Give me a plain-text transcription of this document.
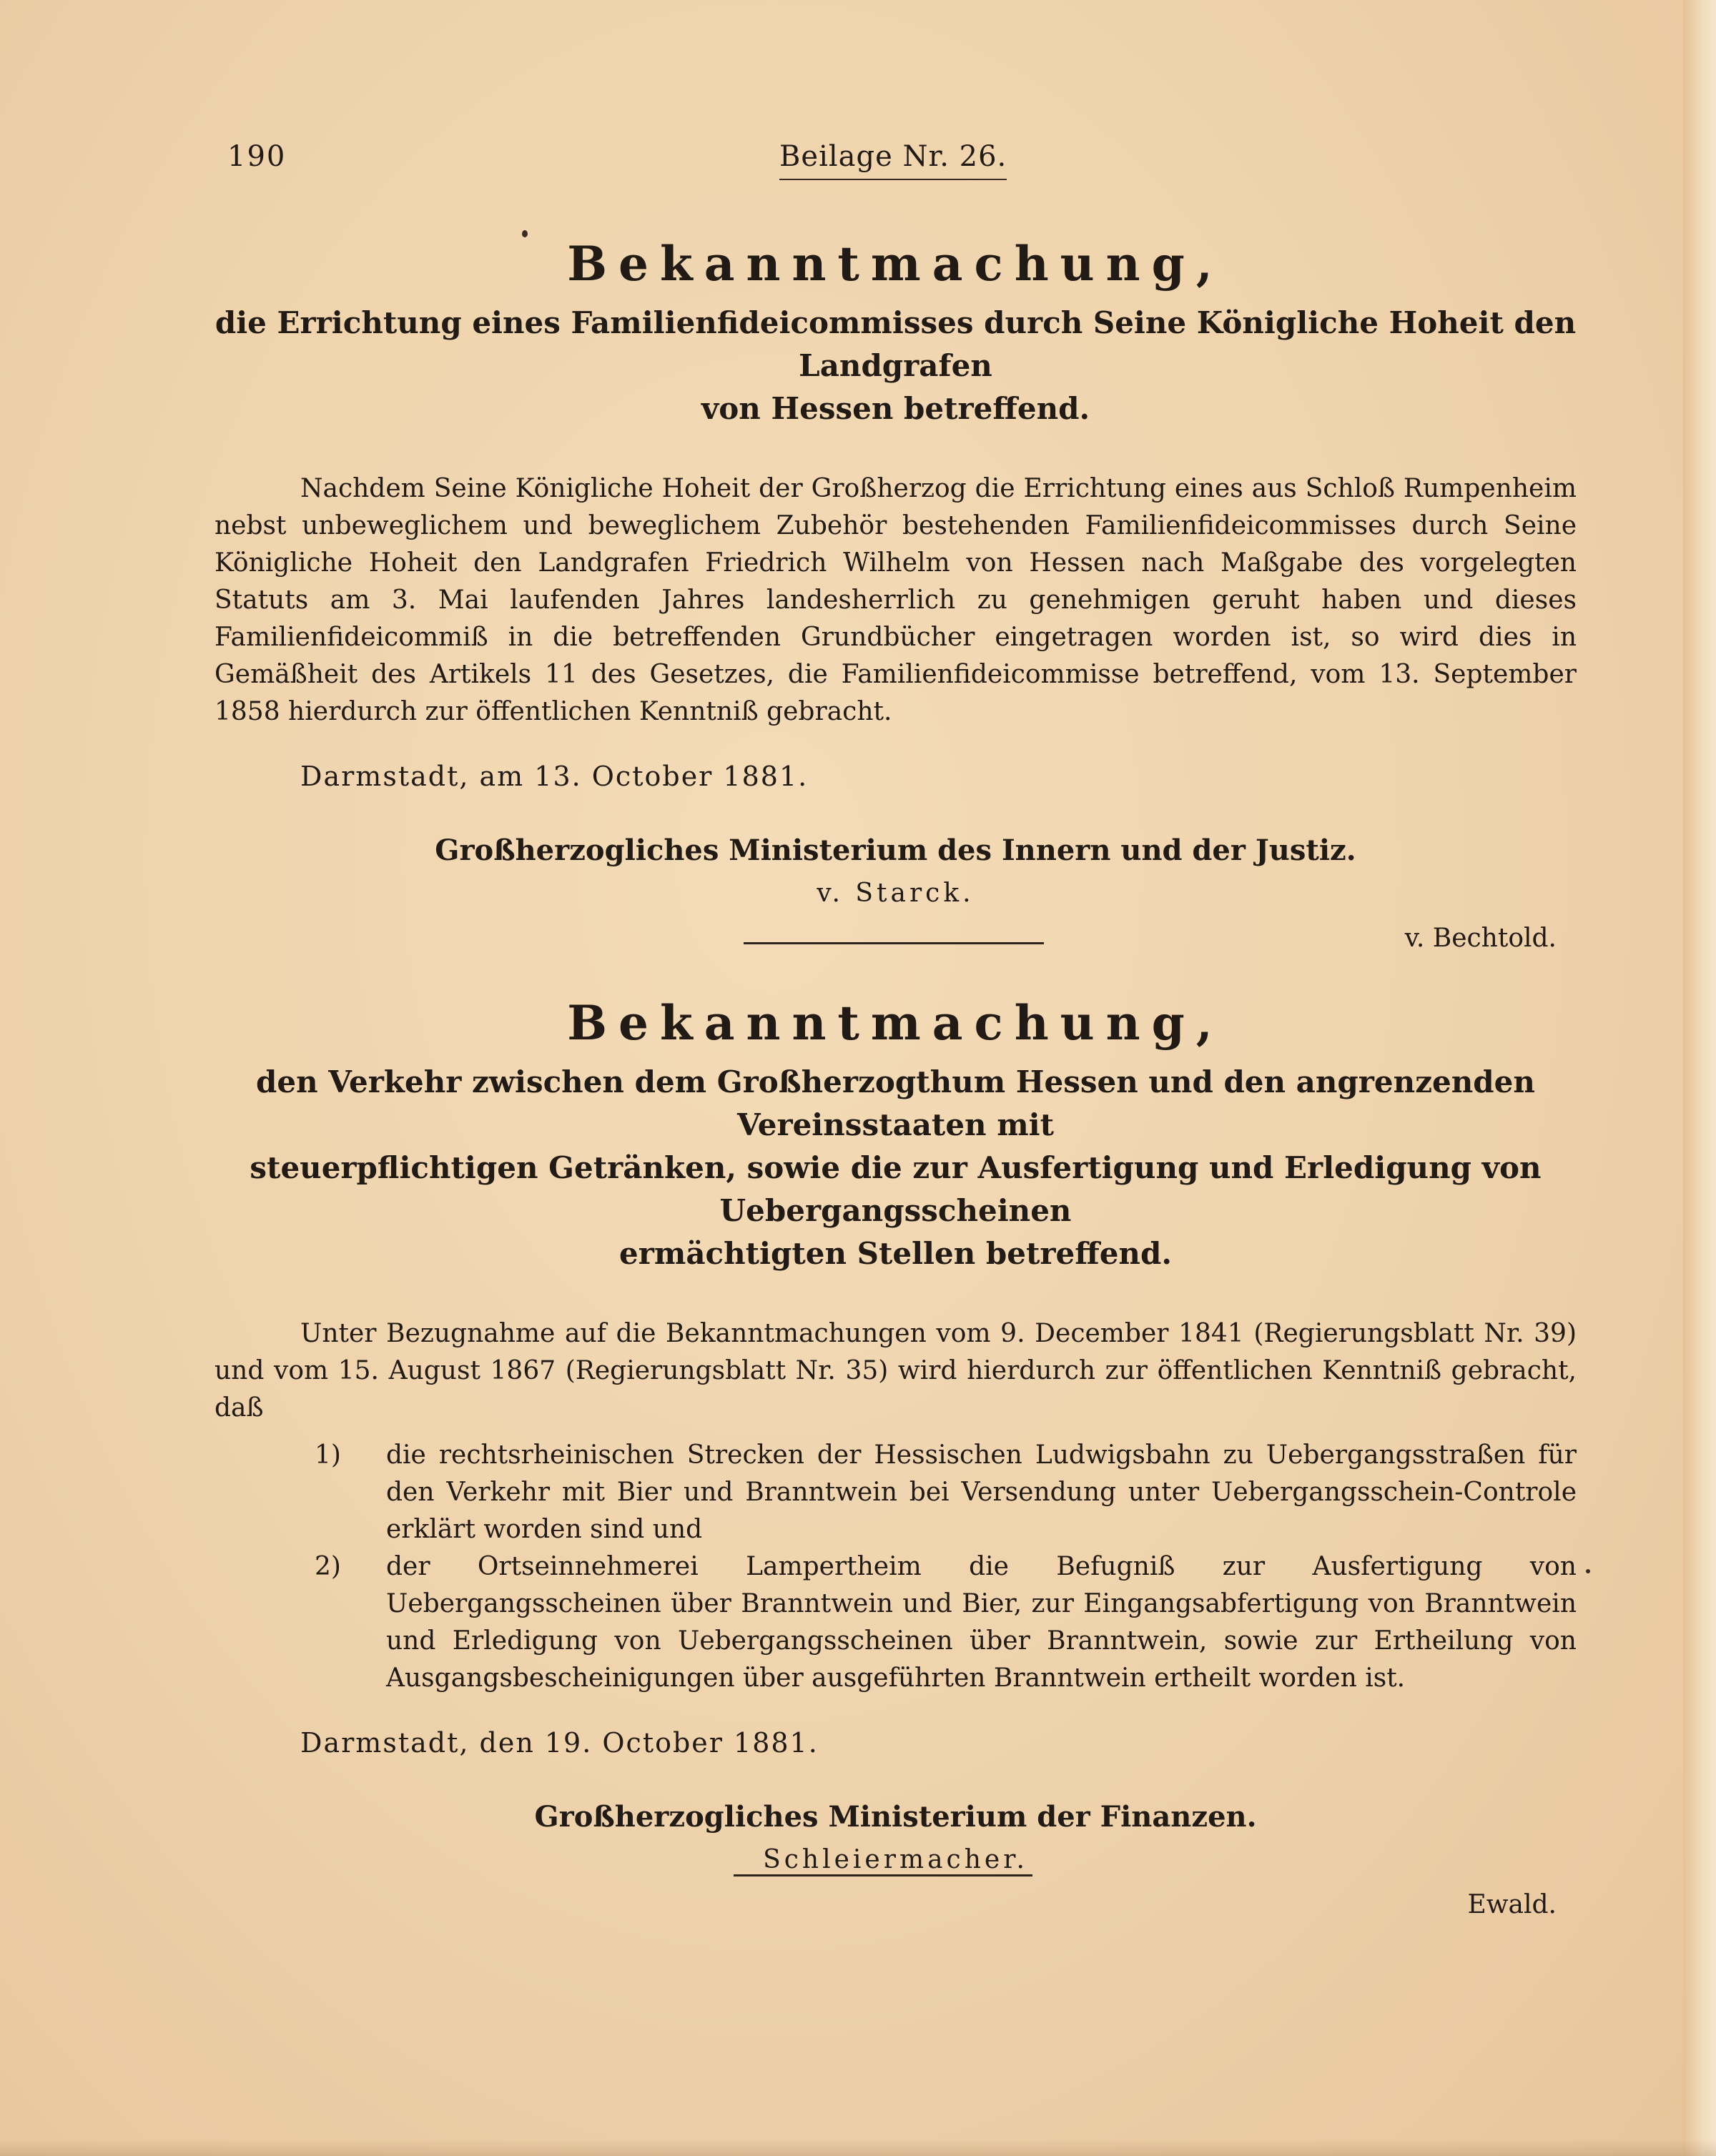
190	Beilage Nr. 26.
Bekanntmachung,

die Errichtung eines Familienfideicommisses durch Seine Königliche Hoheit den Landgrafen
von Hessen betreffend.

Nachdem Seine Königliche Hoheit der Großherzog die Errichtung eines aus Schloß Rumpenheim nebst unbeweglichem und beweglichem Zubehör bestehenden Familienfideicommisses durch Seine Königliche Hoheit den Landgrafen Friedrich Wilhelm von Hessen nach Maßgabe des vorgelegten Statuts am 3. Mai laufenden Jahres landesherrlich zu genehmigen geruht haben und dieses Familienfideicommiß in die betreffenden Grundbücher eingetragen worden ist, so wird dies in Gemäßheit des Artikels 11 des Gesetzes, die Familienfideicommisse betreffend, vom 13. September 1858 hierdurch zur öffentlichen Kenntniß gebracht.

Darmstadt, am 13. October 1881.

Großherzogliches Ministerium des Innern und der Justiz.

v. Starck.

v. Bechtold.

Bekanntmachung,

den Verkehr zwischen dem Großherzogthum Hessen und den angrenzenden Vereinsstaaten mit
steuerpflichtigen Getränken, sowie die zur Ausfertigung und Erledigung von Uebergangsscheinen
ermächtigten Stellen betreffend.

Unter Bezugnahme auf die Bekanntmachungen vom 9. December 1841 (Regierungsblatt Nr. 39) und vom 15. August 1867 (Regierungsblatt Nr. 35) wird hierdurch zur öffentlichen Kenntniß gebracht, daß

1) die rechtsrheinischen Strecken der Hessischen Ludwigsbahn zu Uebergangsstraßen für den Verkehr mit Bier und Branntwein bei Versendung unter Uebergangsschein-Controle erklärt worden sind und
2) der Ortseinnehmerei Lampertheim die Befugniß zur Ausfertigung von Uebergangsscheinen über Branntwein und Bier, zur Eingangsabfertigung von Branntwein und Erledigung von Uebergangsscheinen über Branntwein, sowie zur Ertheilung von Ausgangsbescheinigungen über ausgeführten Branntwein ertheilt worden ist.

Darmstadt, den 19. October 1881.

Großherzogliches Ministerium der Finanzen.

Schleiermacher.

Ewald.
